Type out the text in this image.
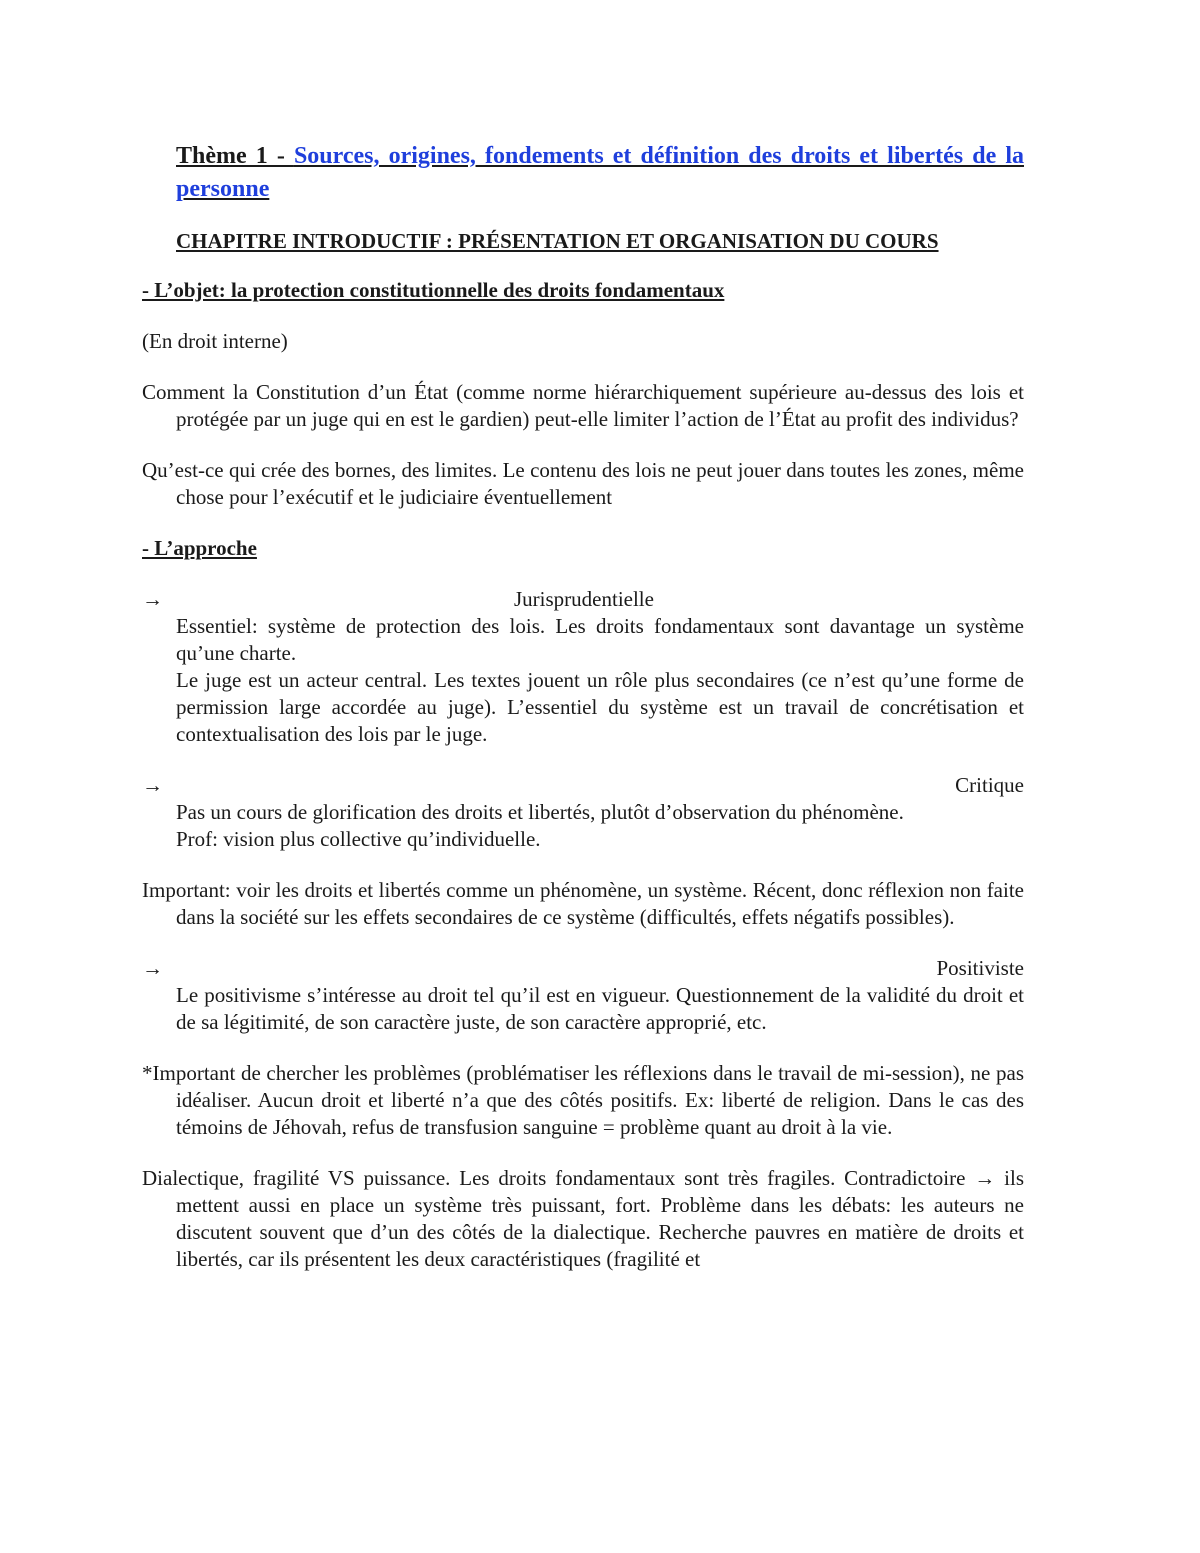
Thème 1 - Sources, origines, fondements et définition des droits et libertés de la personne
CHAPITRE INTRODUCTIF : PRÉSENTATION ET ORGANISATION DU COURS
- L’objet: la protection constitutionnelle des droits fondamentaux

(En droit interne)

Comment la Constitution d’un État (comme norme hiérarchiquement supérieure au-dessus des lois et protégée par un juge qui en est le gardien) peut-elle limiter l’action de l’État au profit des individus?

Qu’est-ce qui crée des bornes, des limites. Le contenu des lois ne peut jouer dans toutes les zones, même chose pour l’exécutif et le judiciaire éventuellement

- L’approche
→	Jurisprudentielle

Essentiel: système de protection des lois. Les droits fondamentaux sont davantage un système qu’une charte.

Le juge est un acteur central. Les textes jouent un rôle plus secondaires (ce n’est qu’une forme de permission large accordée au juge). L’essentiel du système est un travail de concrétisation et contextualisation des lois par le juge.

→	Critique

Pas un cours de glorification des droits et libertés, plutôt d’observation du phénomène.

Prof: vision plus collective qu’individuelle.

Important: voir les droits et libertés comme un phénomène, un système. Récent, donc réflexion non faite dans la société sur les effets secondaires de ce système (difficultés, effets négatifs possibles).

→	Positiviste

Le positivisme s’intéresse au droit tel qu’il est en vigueur. Questionnement de la validité du droit et de sa légitimité, de son caractère juste, de son caractère approprié, etc.

*Important de chercher les problèmes (problématiser les réflexions dans le travail de mi-session), ne pas idéaliser. Aucun droit et liberté n’a que des côtés positifs. Ex: liberté de religion. Dans le cas des témoins de Jéhovah, refus de transfusion sanguine = problème quant au droit à la vie.

Dialectique, fragilité VS puissance. Les droits fondamentaux sont très fragiles. Contradictoire → ils mettent aussi en place un système très puissant, fort. Problème dans les débats: les auteurs ne discutent souvent que d’un des côtés de la dialectique. Recherche pauvres en matière de droits et libertés, car ils présentent les deux caractéristiques (fragilité et
